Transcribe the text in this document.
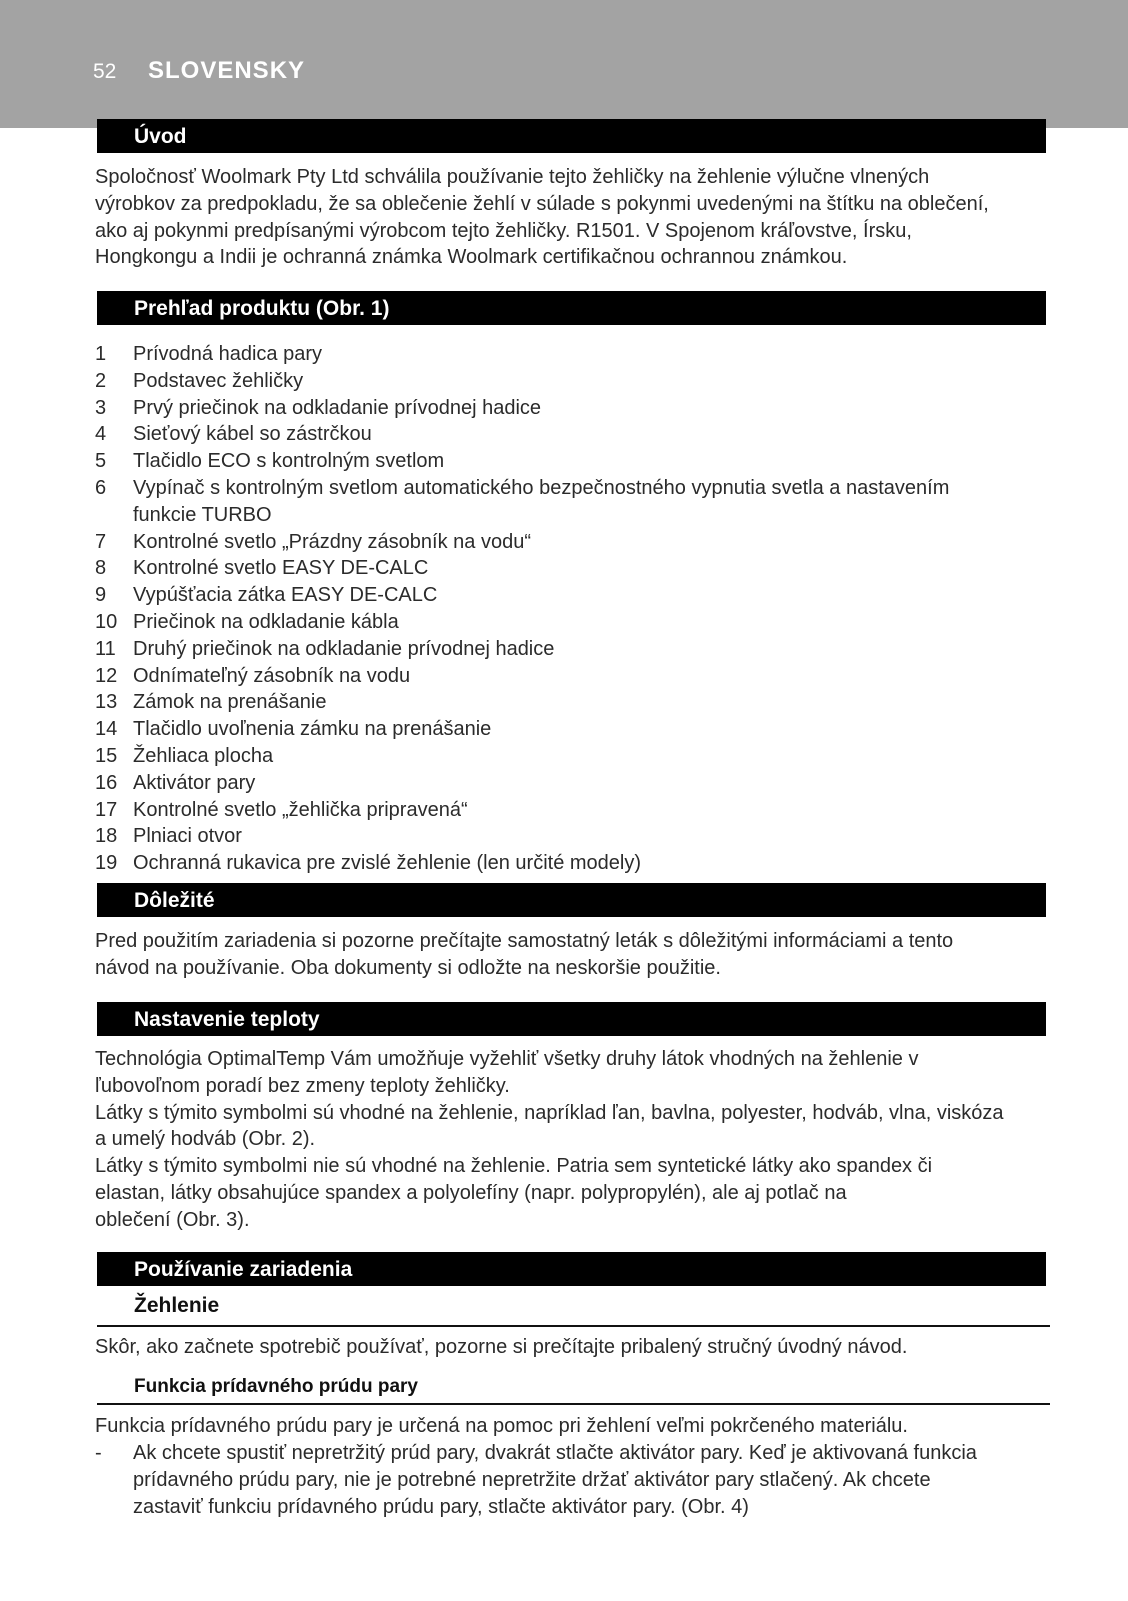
52 SLOVENSKY
Úvod

Spoločnosť Woolmark Pty Ltd schválila používanie tejto žehličky na žehlenie výlučne vlnených
výrobkov za predpokladu, že sa oblečenie žehlí v súlade s pokynmi uvedenými na štítku na oblečení,
ako aj pokynmi predpísanými výrobcom tejto žehličky. R1501. V Spojenom kráľovstve, Írsku,
Hongkongu a Indii je ochranná známka Woolmark certifikačnou ochrannou známkou.

Prehľad produktu (Obr. 1)
1	Prívodná hadica pary
2	Podstavec žehličky
3	Prvý priečinok na odkladanie prívodnej hadice
4	Sieťový kábel so zástrčkou
5	Tlačidlo ECO s kontrolným svetlom
6	Vypínač s kontrolným svetlom automatického bezpečnostného vypnutia svetla a nastavením
funkcie TURBO
7	Kontrolné svetlo „Prázdny zásobník na vodu“
8	Kontrolné svetlo EASY DE-CALC
9	Vypúšťacia zátka EASY DE-CALC
10 Priečinok na odkladanie kábla
11 Druhý priečinok na odkladanie prívodnej hadice
12 Odnímateľný zásobník na vodu
13 Zámok na prenášanie
14 Tlačidlo uvoľnenia zámku na prenášanie
15 Žehliaca plocha
16 Aktivátor pary
17 Kontrolné svetlo „žehlička pripravená“
18 Plniaci otvor
19 Ochranná rukavica pre zvislé žehlenie (len určité modely)
Dôležité

Pred použitím zariadenia si pozorne prečítajte samostatný leták s dôležitými informáciami a tento
návod na používanie. Oba dokumenty si odložte na neskoršie použitie.

Nastavenie teploty

Technológia OptimalTemp Vám umožňuje vyžehliť všetky druhy látok vhodných na žehlenie v
ľubovoľnom poradí bez zmeny teploty žehličky.
Látky s týmito symbolmi sú vhodné na žehlenie, napríklad ľan, bavlna, polyester, hodváb, vlna, viskóza
a umelý hodváb (Obr. 2).
Látky s týmito symbolmi nie sú vhodné na žehlenie. Patria sem syntetické látky ako spandex či
elastan, látky obsahujúce spandex a polyolefíny (napr. polypropylén), ale aj potlač na
oblečení (Obr. 3).

Používanie zariadenia
Žehlenie

Skôr, ako začnete spotrebič používať, pozorne si prečítajte pribalený stručný úvodný návod.

Funkcia prídavného prúdu pary

Funkcia prídavného prúdu pary je určená na pomoc pri žehlení veľmi pokrčeného materiálu.

-	Ak chcete spustiť nepretržitý prúd pary, dvakrát stlačte aktivátor pary. Keď je aktivovaná funkcia
prídavného prúdu pary, nie je potrebné nepretržite držať aktivátor pary stlačený. Ak chcete
zastaviť funkciu prídavného prúdu pary, stlačte aktivátor pary. (Obr. 4)
